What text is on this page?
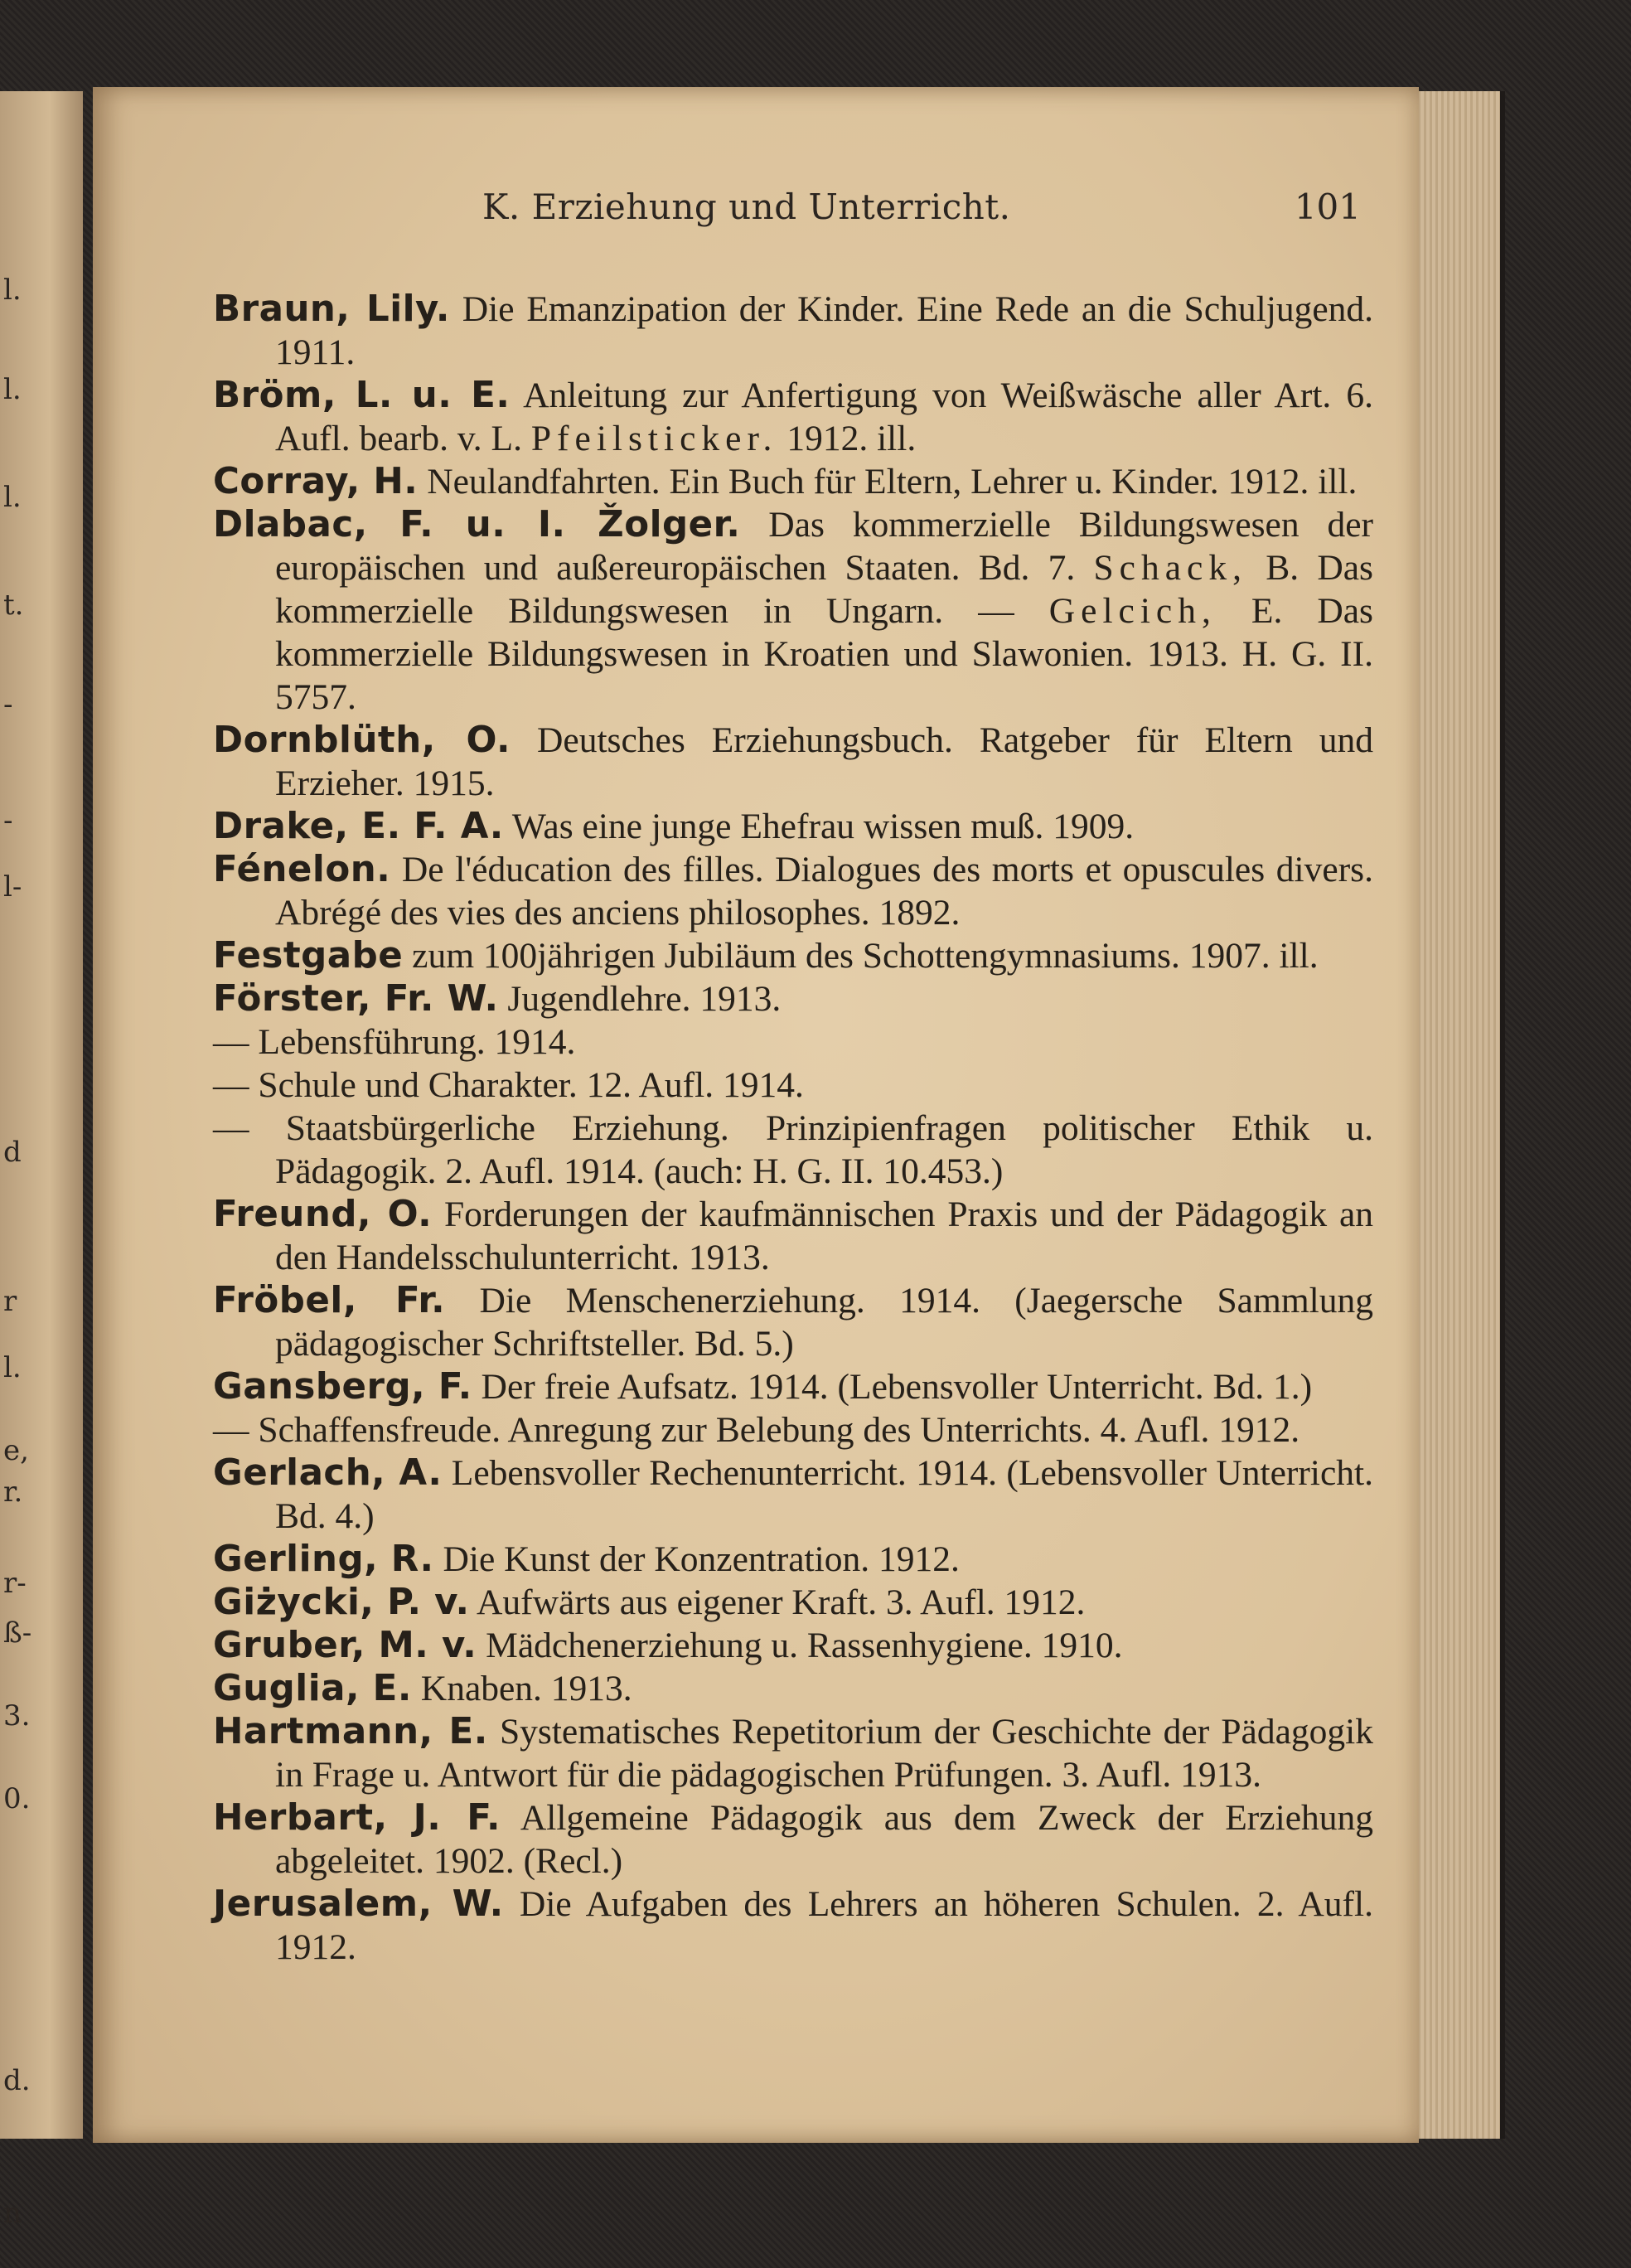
l.
l.
l.
t.
-
-
l-
d
r
l.
e,
r.
r-
ß-
3.
0.
d.
n
K. Erziehung und Unterricht.	101
Braun, Lily. Die Emanzipation der Kinder. Eine Rede an die Schuljugend. 1911.
Bröm, L. u. E. Anleitung zur Anfertigung von Weißwäsche aller Art. 6. Aufl. bearb. v. L. Pfeilsticker. 1912. ill.
Corray, H. Neulandfahrten. Ein Buch für Eltern, Lehrer u. Kinder. 1912. ill.
Dlabac, F. u. I. Žolger. Das kommerzielle Bildungswesen der europäischen und außereuropäischen Staaten. Bd. 7. Schack, B. Das kommerzielle Bildungswesen in Ungarn. — Gelcich, E. Das kommerzielle Bildungswesen in Kroatien und Slawonien. 1913. H. G. II. 5757.
Dornblüth, O. Deutsches Erziehungsbuch. Ratgeber für Eltern und Erzieher. 1915.
Drake, E. F. A. Was eine junge Ehefrau wissen muß. 1909.
Fénelon. De l'éducation des filles. Dialogues des morts et opuscules divers. Abrégé des vies des anciens philosophes. 1892.
Festgabe zum 100jährigen Jubiläum des Schottengymnasiums. 1907. ill.
Förster, Fr. W. Jugendlehre. 1913.
— Lebensführung. 1914.
— Schule und Charakter. 12. Aufl. 1914.
— Staatsbürgerliche Erziehung. Prinzipienfragen politischer Ethik u. Pädagogik. 2. Aufl. 1914. (auch: H. G. II. 10.453.)
Freund, O. Forderungen der kaufmännischen Praxis und der Pädagogik an den Handelsschulunterricht. 1913.
Fröbel, Fr. Die Menschenerziehung. 1914. (Jaegersche Sammlung pädagogischer Schriftsteller. Bd. 5.)
Gansberg, F. Der freie Aufsatz. 1914. (Lebensvoller Unterricht. Bd. 1.)
— Schaffensfreude. Anregung zur Belebung des Unterrichts. 4. Aufl. 1912.
Gerlach, A. Lebensvoller Rechenunterricht. 1914. (Lebensvoller Unterricht. Bd. 4.)
Gerling, R. Die Kunst der Konzentration. 1912.
Giżycki, P. v. Aufwärts aus eigener Kraft. 3. Aufl. 1912.
Gruber, M. v. Mädchenerziehung u. Rassenhygiene. 1910.
Guglia, E. Knaben. 1913.
Hartmann, E. Systematisches Repetitorium der Geschichte der Pädagogik in Frage u. Antwort für die pädagogischen Prüfungen. 3. Aufl. 1913.
Herbart, J. F. Allgemeine Pädagogik aus dem Zweck der Erziehung abgeleitet. 1902. (Recl.)
Jerusalem, W. Die Aufgaben des Lehrers an höheren Schulen. 2. Aufl. 1912.
